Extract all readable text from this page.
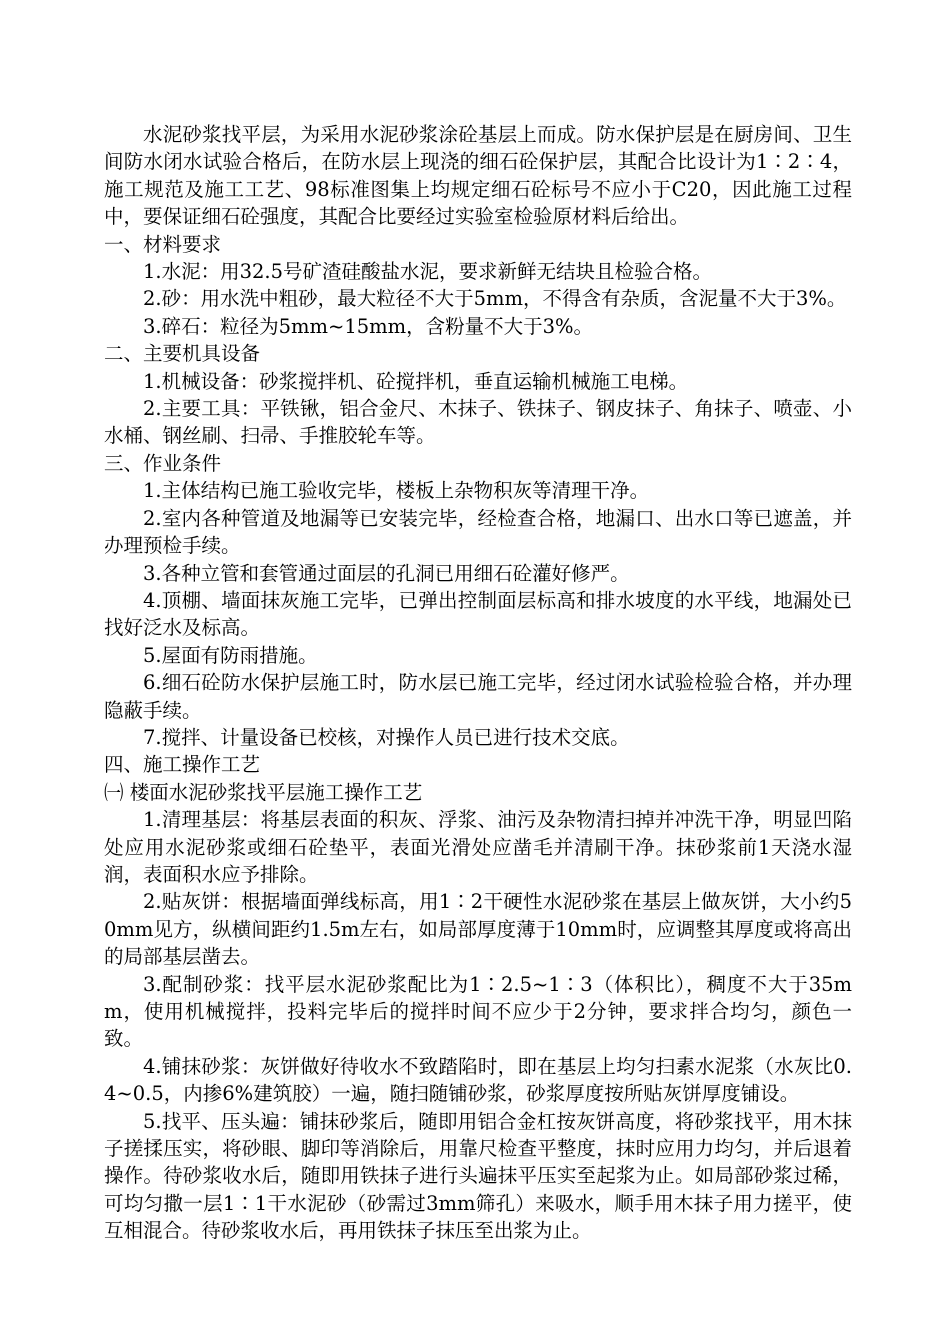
水泥砂浆找平层，为采用水泥砂浆涂砼基层上而成。防水保护层是在厨房间、卫生间防水闭水试验合格后，在防水层上现浇的细石砼保护层，其配合比设计为1∶2∶4，施工规范及施工工艺、98标准图集上均规定细石砼标号不应小于C20，因此施工过程中，要保证细石砼强度，其配合比要经过实验室检验原材料后给出。

一、材料要求

1.水泥：用32.5号矿渣硅酸盐水泥，要求新鲜无结块且检验合格。

2.砂：用水洗中粗砂，最大粒径不大于5mm，不得含有杂质，含泥量不大于3%。

3.碎石：粒径为5mm~15mm，含粉量不大于3%。

二、主要机具设备

1.机械设备：砂浆搅拌机、砼搅拌机，垂直运输机械施工电梯。

2.主要工具：平铁锹，铝合金尺、木抹子、铁抹子、钢皮抹子、角抹子、喷壶、小水桶、钢丝刷、扫帚、手推胶轮车等。

三、作业条件

1.主体结构已施工验收完毕，楼板上杂物积灰等清理干净。

2.室内各种管道及地漏等已安装完毕，经检查合格，地漏口、出水口等已遮盖，并办理预检手续。

3.各种立管和套管通过面层的孔洞已用细石砼灌好修严。

4.顶棚、墙面抹灰施工完毕，已弹出控制面层标高和排水坡度的水平线，地漏处已找好泛水及标高。

5.屋面有防雨措施。

6.细石砼防水保护层施工时，防水层已施工完毕，经过闭水试验检验合格，并办理隐蔽手续。

7.搅拌、计量设备已校核，对操作人员已进行技术交底。

四、施工操作工艺

㈠ 楼面水泥砂浆找平层施工操作工艺

1.清理基层：将基层表面的积灰、浮浆、油污及杂物清扫掉并冲洗干净，明显凹陷处应用水泥砂浆或细石砼垫平，表面光滑处应凿毛并清刷干净。抹砂浆前1天浇水湿润，表面积水应予排除。

2.贴灰饼：根据墙面弹线标高，用1∶2干硬性水泥砂浆在基层上做灰饼，大小约50mm见方，纵横间距约1.5m左右，如局部厚度薄于10mm时，应调整其厚度或将高出的局部基层凿去。

3.配制砂浆：找平层水泥砂浆配比为1∶2.5~1∶3（体积比），稠度不大于35mm，使用机械搅拌，投料完毕后的搅拌时间不应少于2分钟，要求拌合均匀，颜色一致。

4.铺抹砂浆：灰饼做好待收水不致踏陷时，即在基层上均匀扫素水泥浆（水灰比0.4~0.5，内掺6%建筑胶）一遍，随扫随铺砂浆，砂浆厚度按所贴灰饼厚度铺设。

5.找平、压头遍：铺抹砂浆后，随即用铝合金杠按灰饼高度，将砂浆找平，用木抹子搓揉压实，将砂眼、脚印等消除后，用靠尺检查平整度，抹时应用力均匀，并后退着操作。待砂浆收水后，随即用铁抹子进行头遍抹平压实至起浆为止。如局部砂浆过稀，可均匀撒一层1∶1干水泥砂（砂需过3mm筛孔）来吸水，顺手用木抹子用力搓平，使互相混合。待砂浆收水后，再用铁抹子抹压至出浆为止。
